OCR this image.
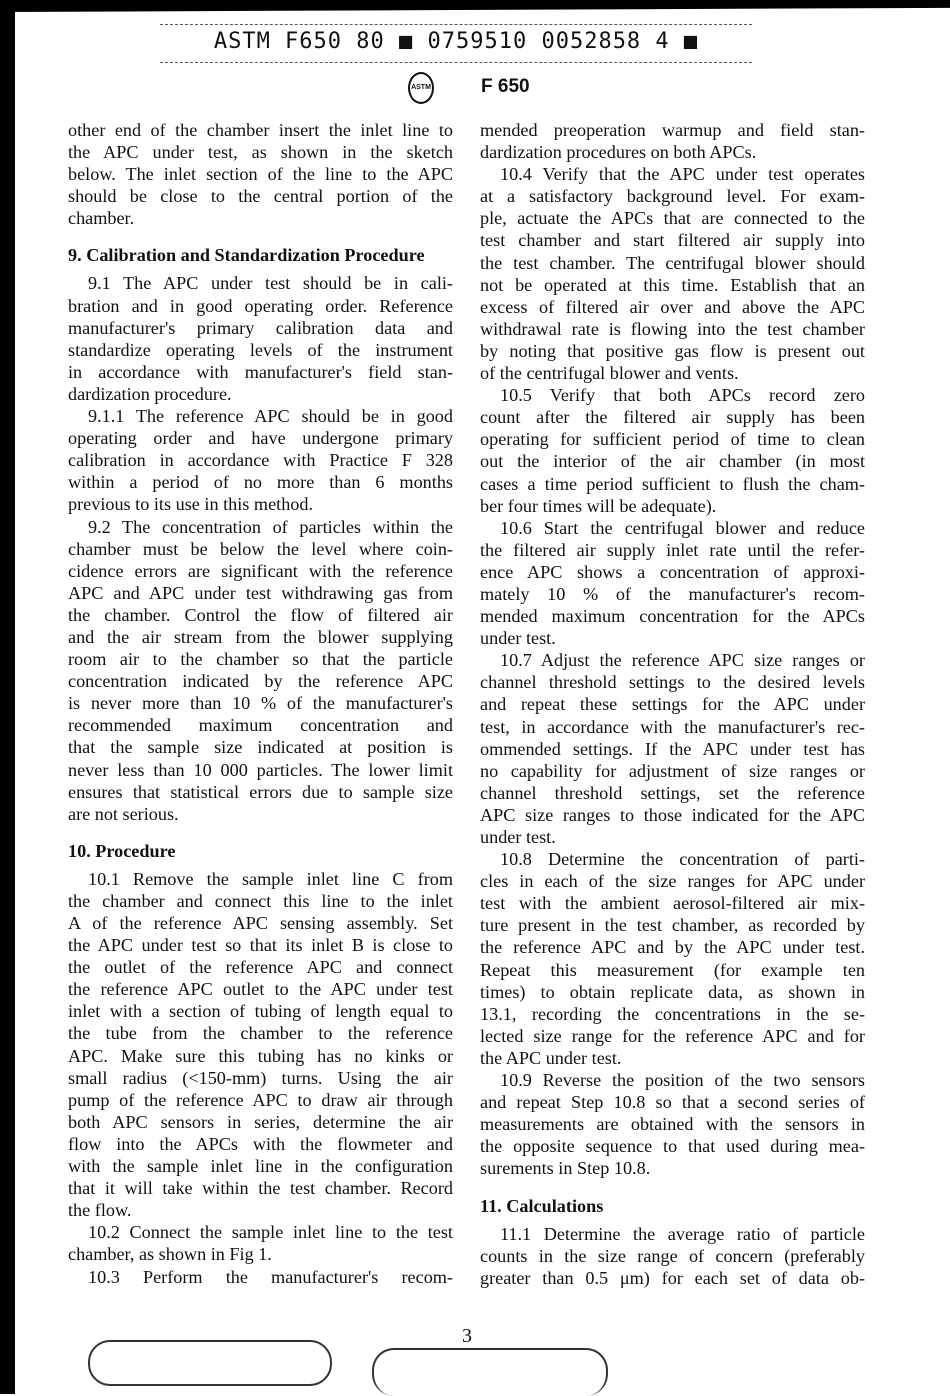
ASTM F650 80 ■ 0759510 0052858 4 ■
ASTM	F 650
other end of the chamber insert the inlet line to
the APC under test, as shown in the sketch
below. The inlet section of the line to the APC
should be close to the central portion of the
chamber.
9. Calibration and Standardization Procedure
9.1 The APC under test should be in cali-
bration and in good operating order. Reference
manufacturer's primary calibration data and
standardize operating levels of the instrument
in accordance with manufacturer's field stan-
dardization procedure.
9.1.1 The reference APC should be in good
operating order and have undergone primary
calibration in accordance with Practice F 328
within a period of no more than 6 months
previous to its use in this method.
9.2 The concentration of particles within the
chamber must be below the level where coin-
cidence errors are significant with the reference
APC and APC under test withdrawing gas from
the chamber. Control the flow of filtered air
and the air stream from the blower supplying
room air to the chamber so that the particle
concentration indicated by the reference APC
is never more than 10 % of the manufacturer's
recommended maximum concentration and
that the sample size indicated at position is
never less than 10 000 particles. The lower limit
ensures that statistical errors due to sample size
are not serious.
10. Procedure
10.1 Remove the sample inlet line C from
the chamber and connect this line to the inlet
A of the reference APC sensing assembly. Set
the APC under test so that its inlet B is close to
the outlet of the reference APC and connect
the reference APC outlet to the APC under test
inlet with a section of tubing of length equal to
the tube from the chamber to the reference
APC. Make sure this tubing has no kinks or
small radius (<150-mm) turns. Using the air
pump of the reference APC to draw air through
both APC sensors in series, determine the air
flow into the APCs with the flowmeter and
with the sample inlet line in the configuration
that it will take within the test chamber. Record
the flow.
10.2 Connect the sample inlet line to the test
chamber, as shown in Fig 1.
10.3 Perform the manufacturer's recom-
mended preoperation warmup and field stan-
dardization procedures on both APCs.
10.4 Verify that the APC under test operates
at a satisfactory background level. For exam-
ple, actuate the APCs that are connected to the
test chamber and start filtered air supply into
the test chamber. The centrifugal blower should
not be operated at this time. Establish that an
excess of filtered air over and above the APC
withdrawal rate is flowing into the test chamber
by noting that positive gas flow is present out
of the centrifugal blower and vents.
10.5 Verify that both APCs record zero
count after the filtered air supply has been
operating for sufficient period of time to clean
out the interior of the air chamber (in most
cases a time period sufficient to flush the cham-
ber four times will be adequate).
10.6 Start the centrifugal blower and reduce
the filtered air supply inlet rate until the refer-
ence APC shows a concentration of approxi-
mately 10 % of the manufacturer's recom-
mended maximum concentration for the APCs
under test.
10.7 Adjust the reference APC size ranges or
channel threshold settings to the desired levels
and repeat these settings for the APC under
test, in accordance with the manufacturer's rec-
ommended settings. If the APC under test has
no capability for adjustment of size ranges or
channel threshold settings, set the reference
APC size ranges to those indicated for the APC
under test.
10.8 Determine the concentration of parti-
cles in each of the size ranges for APC under
test with the ambient aerosol-filtered air mix-
ture present in the test chamber, as recorded by
the reference APC and by the APC under test.
Repeat this measurement (for example ten
times) to obtain replicate data, as shown in
13.1, recording the concentrations in the se-
lected size range for the reference APC and for
the APC under test.
10.9 Reverse the position of the two sensors
and repeat Step 10.8 so that a second series of
measurements are obtained with the sensors in
the opposite sequence to that used during mea-
surements in Step 10.8.
11. Calculations
11.1 Determine the average ratio of particle
counts in the size range of concern (preferably
greater than 0.5 μm) for each set of data ob-
3
